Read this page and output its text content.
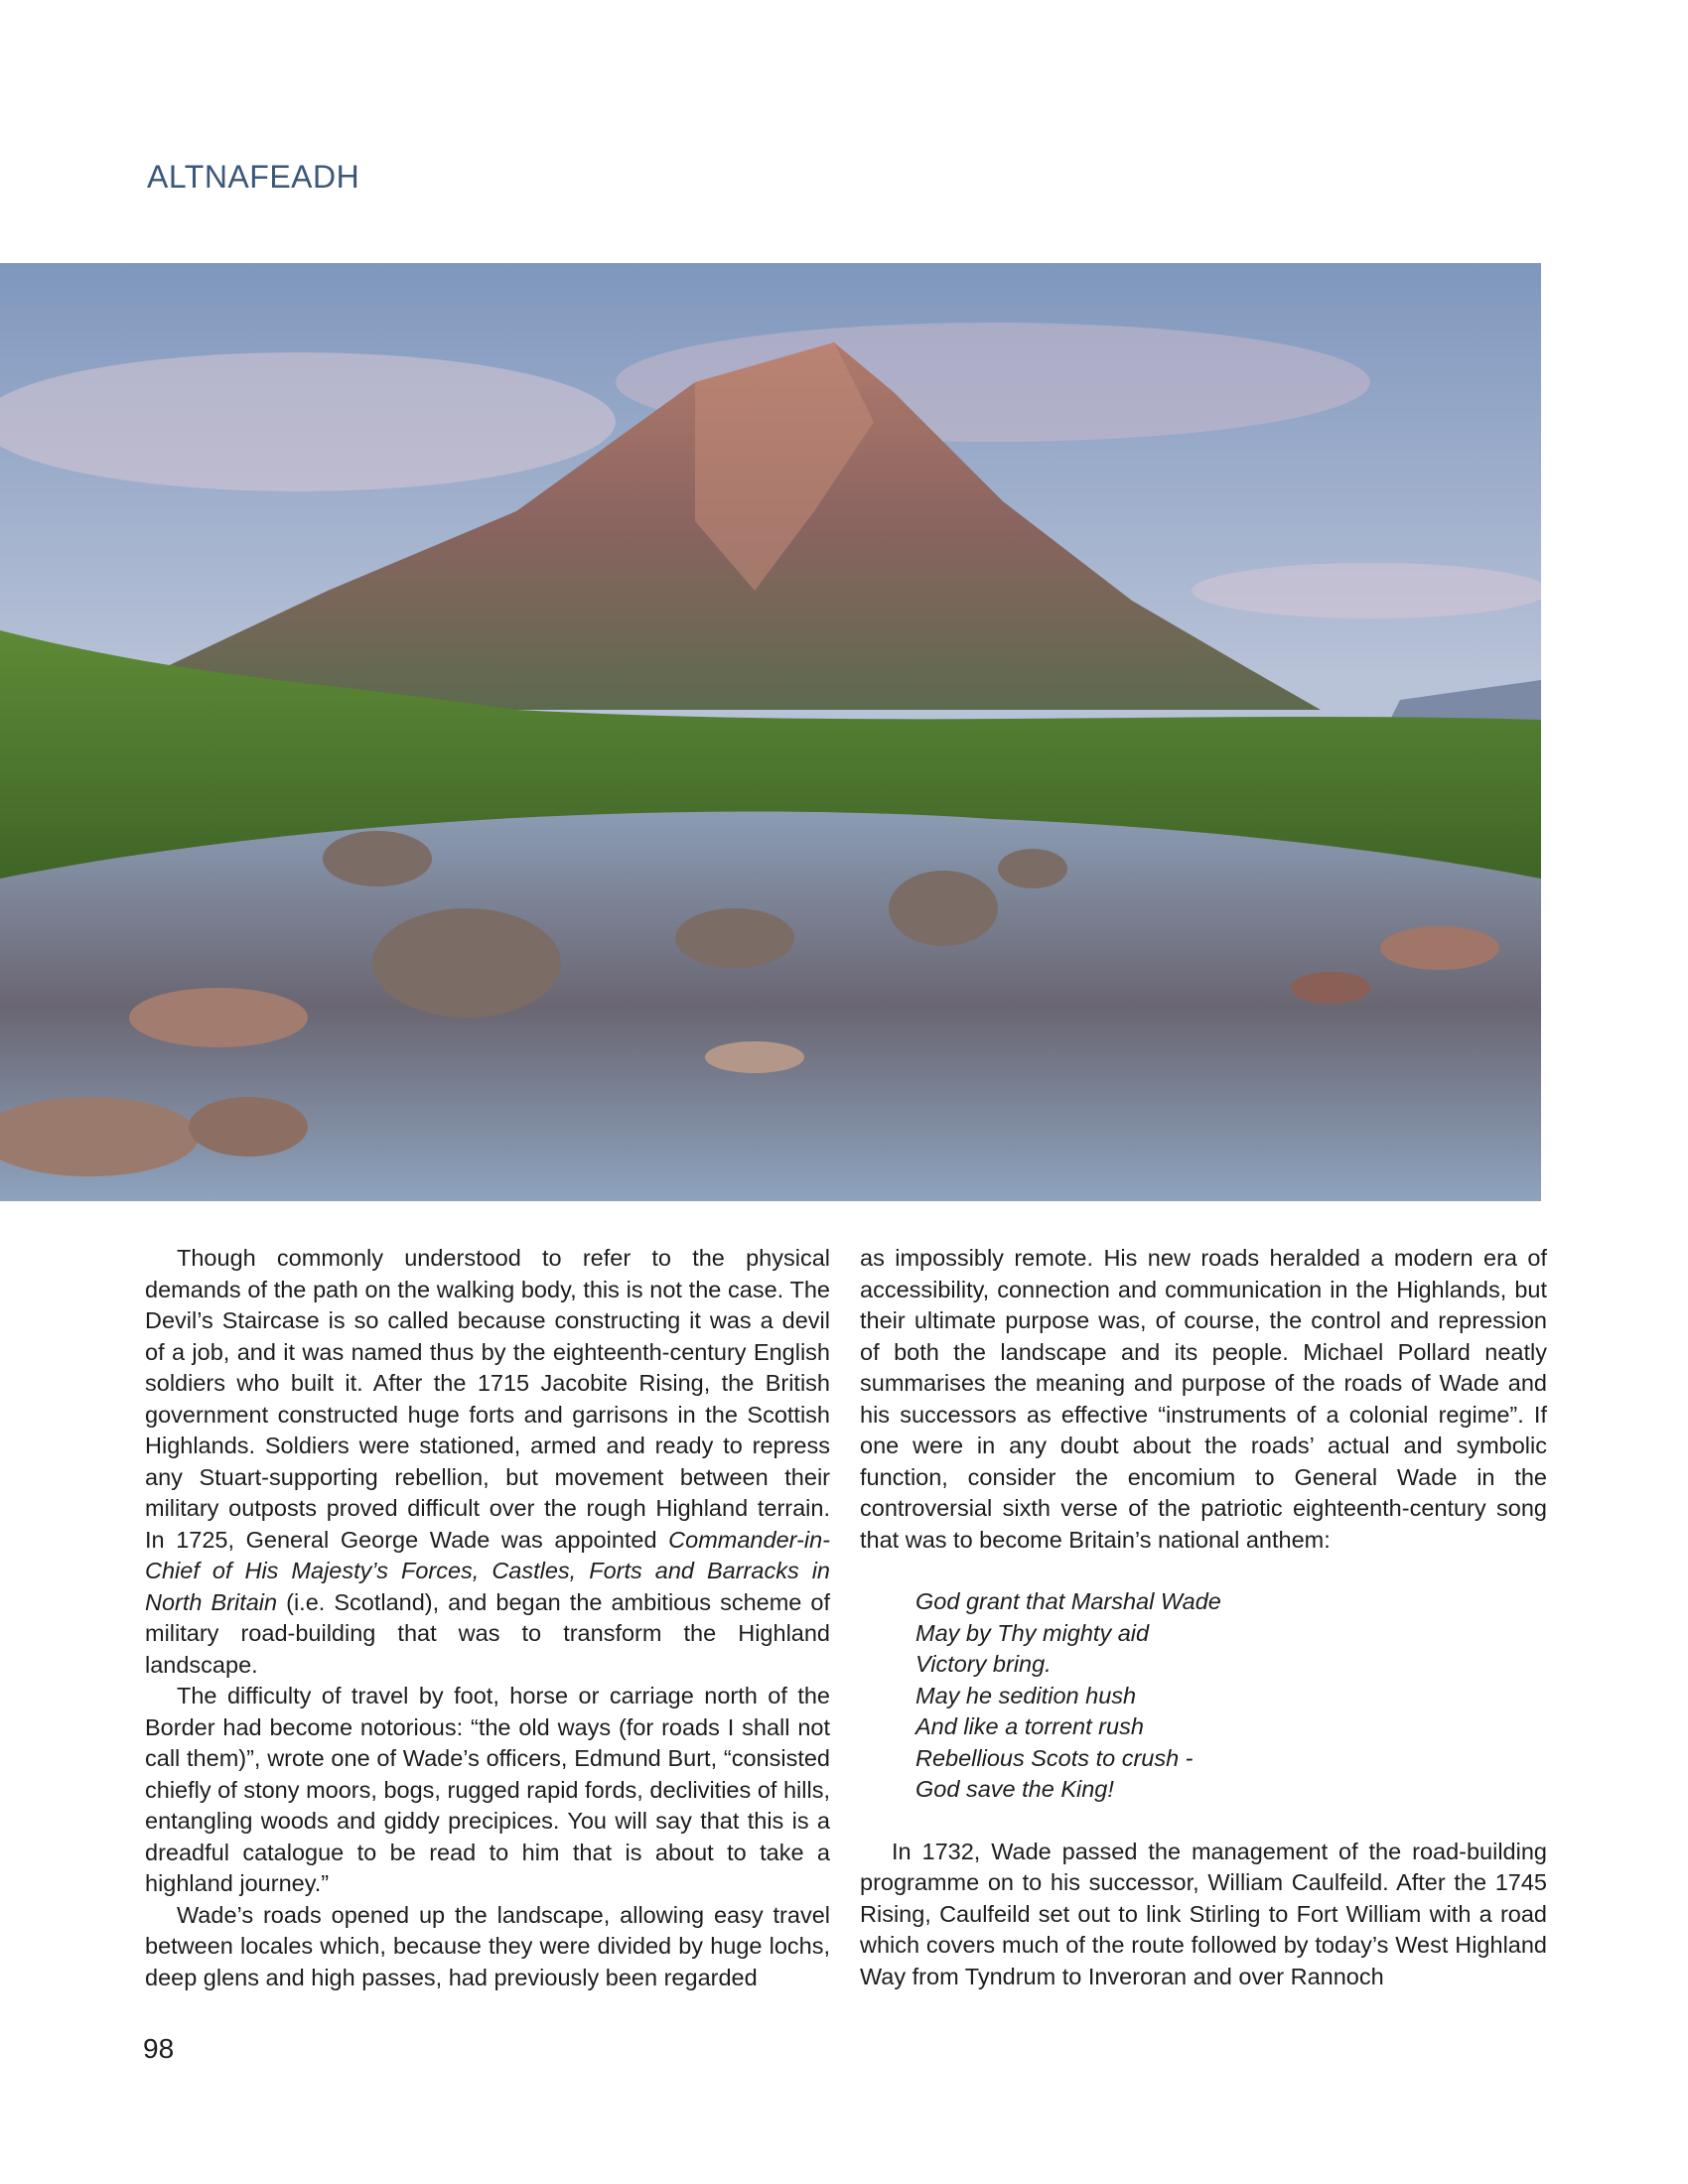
ALTNAFEADH

Though commonly understood to refer to the physical demands of the path on the walking body, this is not the case. The Devil’s Staircase is so called because constructing it was a devil of a job, and it was named thus by the eighteenth-century English soldiers who built it. After the 1715 Jacobite Rising, the British government constructed huge forts and garrisons in the Scottish Highlands. Soldiers were stationed, armed and ready to repress any Stuart-supporting rebellion, but movement between their military outposts proved difficult over the rough Highland terrain. In 1725, General George Wade was appointed Commander-in-Chief of His Majesty’s Forces, Castles, Forts and Barracks in North Britain (i.e. Scotland), and began the ambitious scheme of military road-building that was to transform the Highland landscape.

The difficulty of travel by foot, horse or carriage north of the Border had become notorious: “the old ways (for roads I shall not call them)”, wrote one of Wade’s officers, Edmund Burt, “consisted chiefly of stony moors, bogs, rugged rapid fords, declivities of hills, entangling woods and giddy precipices. You will say that this is a dreadful catalogue to be read to him that is about to take a highland journey.”

Wade’s roads opened up the landscape, allowing easy travel between locales which, because they were divided by huge lochs, deep glens and high passes, had previously been regarded

as impossibly remote. His new roads heralded a modern era of accessibility, connection and communication in the Highlands, but their ultimate purpose was, of course, the control and repression of both the landscape and its people. Michael Pollard neatly summarises the meaning and purpose of the roads of Wade and his successors as effective “instruments of a colonial regime”. If one were in any doubt about the roads’ actual and symbolic function, consider the encomium to General Wade in the controversial sixth verse of the patriotic eighteenth-century song that was to become Britain’s national anthem:

God grant that Marshal Wade
May by Thy mighty aid
Victory bring.
May he sedition hush
And like a torrent rush
Rebellious Scots to crush -
God save the King!

In 1732, Wade passed the management of the road-building programme on to his successor, William Caulfeild. After the 1745 Rising, Caulfeild set out to link Stirling to Fort William with a road which covers much of the route followed by today’s West Highland Way from Tyndrum to Inveroran and over Rannoch

98
